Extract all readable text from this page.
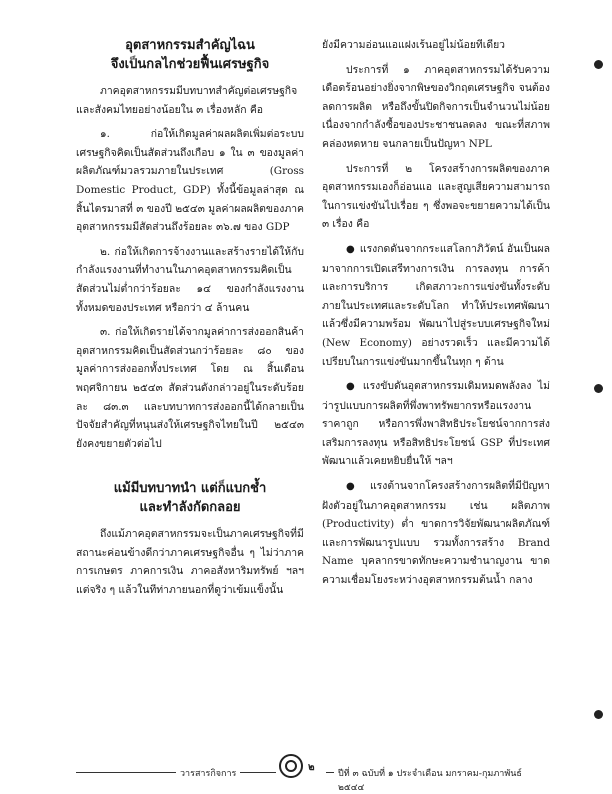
อุตสาหกรรมสำคัญไฉน
จึงเป็นกลไกช่วยฟื้นเศรษฐกิจ

ภาคอุตสาหกรรมมีบทบาทสำคัญต่อเศรษฐกิจและสังคมไทยอย่างน้อยใน ๓ เรื่องหลัก คือ

๑. ก่อให้เกิดมูลค่าผลผลิตเพิ่มต่อระบบเศรษฐกิจคิดเป็นสัดส่วนถึงเกือบ ๑ ใน ๓ ของมูลค่าผลิตภัณฑ์มวลรวมภายในประเทศ (Gross Domestic Product, GDP) ทั้งนี้ข้อมูลล่าสุด ณ สิ้นไตรมาสที่ ๓ ของปี ๒๕๔๓ มูลค่าผลผลิตของภาคอุตสาหกรรมมีสัดส่วนถึงร้อยละ ๓๖.๗ ของ GDP

๒. ก่อให้เกิดการจ้างงานและสร้างรายได้ให้กับกำลังแรงงานที่ทำงานในภาคอุตสาหกรรมคิดเป็นสัดส่วนไม่ต่ำกว่าร้อยละ ๑๔ ของกำลังแรงงานทั้งหมดของประเทศ หรือกว่า ๔ ล้านคน

๓. ก่อให้เกิดรายได้จากมูลค่าการส่งออกสินค้าอุตสาหกรรมคิดเป็นสัดส่วนกว่าร้อยละ ๘๐ ของมูลค่าการส่งออกทั้งประเทศ โดย ณ สิ้นเดือนพฤศจิกายน ๒๕๔๓ สัดส่วนดังกล่าวอยู่ในระดับร้อยละ ๘๓.๓ และบทบาทการส่งออกนี้ได้กลายเป็นปัจจัยสำคัญที่หนุนส่งให้เศรษฐกิจไทยในปี ๒๕๔๓ ยังคงขยายตัวต่อไป

แม้มีบทบาทนำ แต่ก็แบกช้ำ
และทำลังกัดกลอย

ถึงแม้ภาคอุตสาหกรรมจะเป็นภาคเศรษฐกิจที่มีสถานะค่อนข้างดีกว่าภาคเศรษฐกิจอื่น ๆ ไม่ว่าภาคการเกษตร ภาคการเงิน ภาคอสังหาริมทรัพย์ ฯลฯ แต่จริง ๆ แล้วในทีท่าภายนอกที่ดูว่าเข้มแข็งนั้น

ยังมีความอ่อนแอแฝงเร้นอยู่ไม่น้อยทีเดียว

ประการที่ ๑ ภาคอุตสาหกรรมได้รับความเดือดร้อนอย่างยิ่งจากพิษของวิกฤตเศรษฐกิจ จนต้องลดการผลิต หรือถึงขั้นปิดกิจการเป็นจำนวนไม่น้อย เนื่องจากกำลังซื้อของประชาชนลดลง ขณะที่สภาพคล่องหดหาย จนกลายเป็นปัญหา NPL

ประการที่ ๒ โครงสร้างการผลิตของภาคอุตสาหกรรมเองก็อ่อนแอ และสูญเสียความสามารถในการแข่งขันไปเรื่อย ๆ ซึ่งพอจะขยายความได้เป็น ๓ เรื่อง คือ

● แรงกดดันจากกระแสโลกาภิวัตน์ อันเป็นผลมาจากการเปิดเสรีทางการเงิน การลงทุน การค้าและการบริการ เกิดสภาวะการแข่งขันทั้งระดับภายในประเทศและระดับโลก ทำให้ประเทศพัฒนาแล้วซึ่งมีความพร้อม พัฒนาไปสู่ระบบเศรษฐกิจใหม่ (New Economy) อย่างรวดเร็ว และมีความได้เปรียบในการแข่งขันมากขึ้นในทุก ๆ ด้าน

● แรงขับดันอุตสาหกรรมเดิมหมดพลังลง ไม่ว่ารูปแบบการผลิตที่พึ่งพาทรัพยากรหรือแรงงานราคาถูก หรือการพึ่งพาสิทธิประโยชน์จากการส่งเสริมการลงทุน หรือสิทธิประโยชน์ GSP ที่ประเทศพัฒนาแล้วเคยหยิบยื่นให้ ฯลฯ

● แรงต้านจากโครงสร้างการผลิตที่มีปัญหาฝังตัวอยู่ในภาคอุตสาหกรรม เช่น ผลิตภาพ (Productivity) ต่ำ ขาดการวิจัยพัฒนาผลิตภัณฑ์และการพัฒนารูปแบบ รวมทั้งการสร้าง Brand Name บุคลากรขาดทักษะความชำนาญงาน ขาดความเชื่อมโยงระหว่างอุตสาหกรรมต้นน้ำ กลาง

วารสารกิจการ
๒
ปีที่ ๓ ฉบับที่ ๑ ประจำเดือน มกราคม-กุมภาพันธ์ ๒๕๔๔
